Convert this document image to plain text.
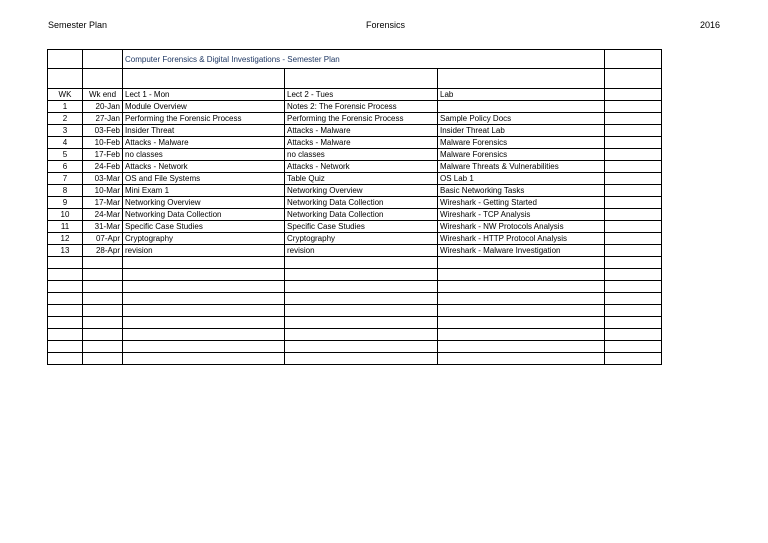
Semester Plan	Forensics	2016
		Computer Forensics & Digital Investigations - Semester Plan			

WK	Wk end	Lect 1 - Mon	Lect 2 - Tues	Lab	
1	20-Jan	Module Overview	Notes 2: The Forensic Process		
2	27-Jan	Performing the Forensic Process	Performing the Forensic Process	Sample Policy Docs	
3	03-Feb	Insider Threat	Attacks - Malware	Insider Threat Lab	
4	10-Feb	Attacks - Malware	Attacks - Malware	Malware Forensics	
5	17-Feb	no classes	no classes	Malware Forensics	
6	24-Feb	Attacks - Network	Attacks - Network	Malware Threats & Vulnerabilities	
7	03-Mar	OS and File Systems	Table Quiz	OS Lab 1	
8	10-Mar	Mini Exam 1	Networking Overview	Basic Networking Tasks	
9	17-Mar	Networking Overview	Networking Data Collection	Wireshark - Getting Started	
10	24-Mar	Networking Data Collection	Networking Data Collection	Wireshark - TCP Analysis	
11	31-Mar	Specific Case Studies	Specific Case Studies	Wireshark - NW Protocols Analysis	
12	07-Apr	Cryptography	Cryptography	Wireshark - HTTP Protocol Analysis	
13	28-Apr	revision	revision	Wireshark - Malware Investigation	
